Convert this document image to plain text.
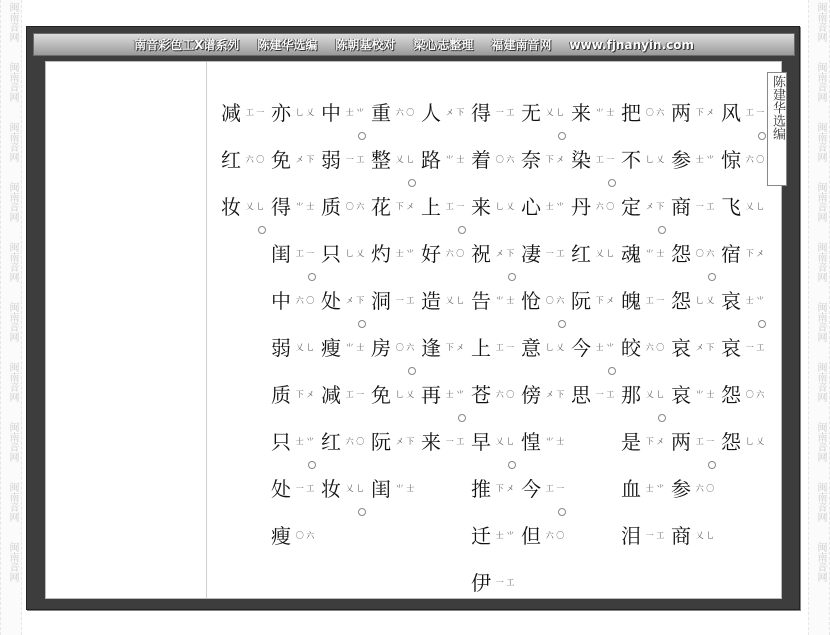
闽南音网
闽南音网
闽南音网
闽南音网
闽南音网
闽南音网
闽南音网
闽南音网
闽南音网
闽南音网
闽南音网
闽南音网
闽南音网
闽南音网
闽南音网
闽南音网
闽南音网
闽南音网
闽南音网
闽南音网
南音彩色工X谱系列 陈建华选编 陈朝基校对 梁心志整理 福建南音网 www.fjnanyin.com
陈建华选编
风
惊
飞
宿
哀
哀
怨
怨
工 一
六 〇
乂 乚
下 メ
士 ⺌
一 工
〇 六
乚 乂
两
参
商
怨
怨
哀
哀
两
参
商
下 メ
士 ⺌
一 工
〇 六
乚 乂
メ 下
⺌ 士
工 一
六 〇
乂 乚
把
不
定
魂
魄
皎
那
是
血
泪
〇 六
乚 乂
メ 下
⺌ 士
工 一
六 〇
乂 乚
下 メ
士 ⺌
一 工
来
染
丹
红
阮
今
思
⺌ 士
工 一
六 〇
乂 乚
下 メ
士 ⺌
一 工
无
奈
心
凄
怆
意
傍
惶
今
但
乂 乚
下 メ
士 ⺌
一 工
〇 六
乚 乂
メ 下
⺌ 士
工 一
六 〇
得
着
来
祝
告
上
苍
早
推
迁
伊
一 工
〇 六
乚 乂
メ 下
⺌ 士
工 一
六 〇
乂 乚
下 メ
士 ⺌
一 工
人
路
上
好
造
逢
再
来
メ 下
⺌ 士
工 一
六 〇
乂 乚
下 メ
士 ⺌
一 工
重
整
花
灼
洞
房
免
阮
闺
六 〇
乂 乚
下 メ
士 ⺌
一 工
〇 六
乚 乂
メ 下
⺌ 士
中
弱
质
只
处
瘦
减
红
妆
士 ⺌
一 工
〇 六
乚 乂
メ 下
⺌ 士
工 一
六 〇
乂 乚
亦
免
得
闺
中
弱
质
只
处
瘦
乚 乂
メ 下
⺌ 士
工 一
六 〇
乂 乚
下 メ
士 ⺌
一 工
〇 六
减
红
妆
工 一
六 〇
乂 乚
